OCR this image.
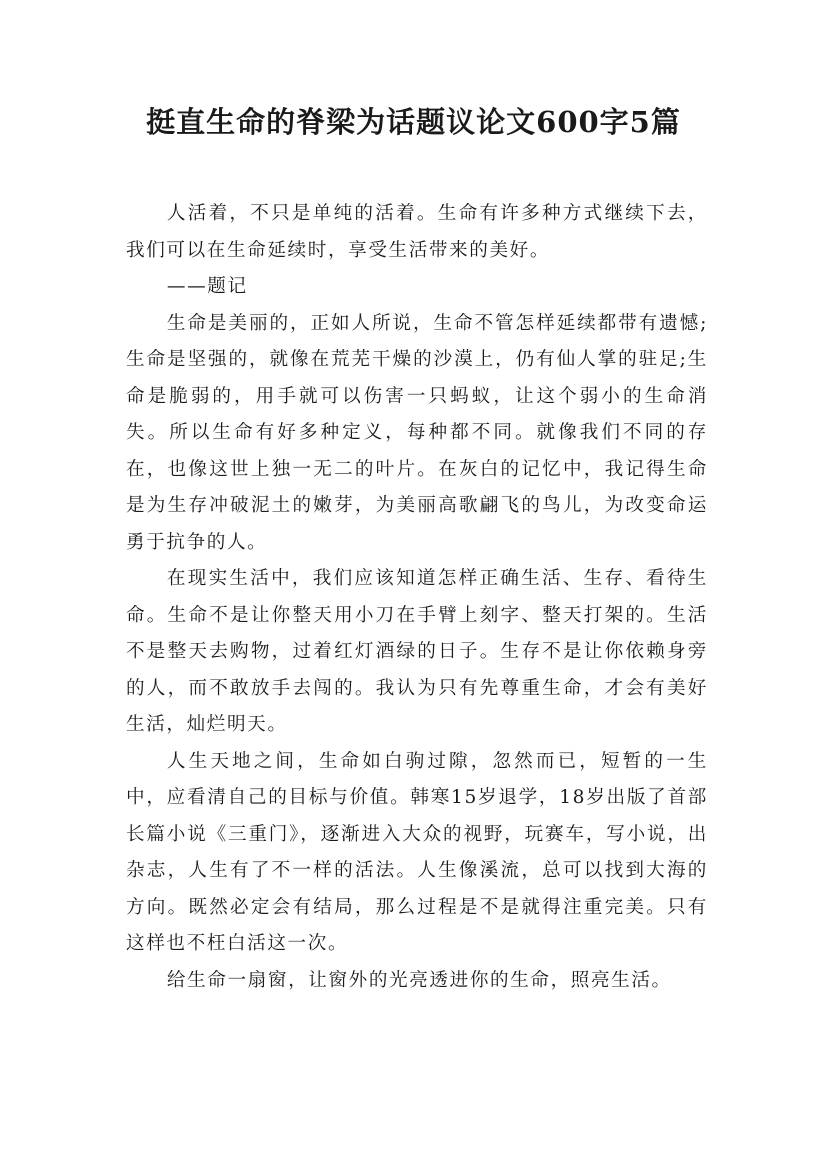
挺直生命的脊梁为话题议论文600字5篇

人活着，不只是单纯的活着。生命有许多种方式继续下去，我们可以在生命延续时，享受生活带来的美好。

——题记

生命是美丽的，正如人所说，生命不管怎样延续都带有遗憾;生命是坚强的，就像在荒芜干燥的沙漠上，仍有仙人掌的驻足;生命是脆弱的，用手就可以伤害一只蚂蚁，让这个弱小的生命消失。所以生命有好多种定义，每种都不同。就像我们不同的存在，也像这世上独一无二的叶片。在灰白的记忆中，我记得生命是为生存冲破泥土的嫩芽，为美丽高歌翩飞的鸟儿，为改变命运勇于抗争的人。

在现实生活中，我们应该知道怎样正确生活、生存、看待生命。生命不是让你整天用小刀在手臂上刻字、整天打架的。生活不是整天去购物，过着红灯酒绿的日子。生存不是让你依赖身旁的人，而不敢放手去闯的。我认为只有先尊重生命，才会有美好生活，灿烂明天。

人生天地之间，生命如白驹过隙，忽然而已，短暂的一生中，应看清自己的目标与价值。韩寒15岁退学，18岁出版了首部长篇小说《三重门》，逐渐进入大众的视野，玩赛车，写小说，出杂志，人生有了不一样的活法。人生像溪流，总可以找到大海的方向。既然必定会有结局，那么过程是不是就得注重完美。只有这样也不枉白活这一次。

给生命一扇窗，让窗外的光亮透进你的生命，照亮生活。
